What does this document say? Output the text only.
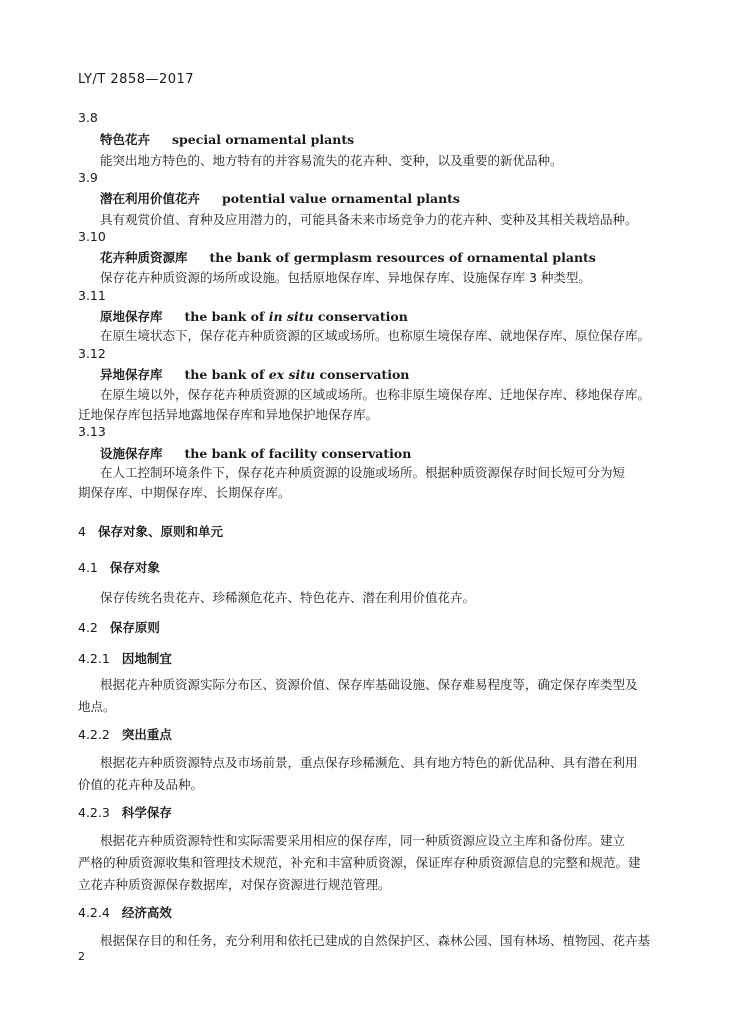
LY/T 2858—2017
3.8
特色花卉 special ornamental plants
能突出地方特色的、地方特有的并容易流失的花卉种、变种，以及重要的新优品种。
3.9
潜在利用价值花卉 potential value ornamental plants
具有观赏价值、育种及应用潜力的，可能具备未来市场竞争力的花卉种、变种及其相关栽培品种。
3.10
花卉种质资源库 the bank of germplasm resources of ornamental plants
保存花卉种质资源的场所或设施。包括原地保存库、异地保存库、设施保存库 3 种类型。
3.11
原地保存库 the bank of in situ conservation
在原生境状态下，保存花卉种质资源的区域或场所。也称原生境保存库、就地保存库、原位保存库。
3.12
异地保存库 the bank of ex situ conservation
在原生境以外，保存花卉种质资源的区域或场所。也称非原生境保存库、迁地保存库、移地保存库。
迁地保存库包括异地露地保存库和异地保护地保存库。
3.13
设施保存库 the bank of facility conservation
在人工控制环境条件下，保存花卉种质资源的设施或场所。根据种质资源保存时间长短可分为短
期保存库、中期保存库、长期保存库。
4 保存对象、原则和单元
4.1 保存对象
保存传统名贵花卉、珍稀濒危花卉、特色花卉、潜在利用价值花卉。
4.2 保存原则
4.2.1 因地制宜
根据花卉种质资源实际分布区、资源价值、保存库基础设施、保存难易程度等，确定保存库类型及
地点。
4.2.2 突出重点
根据花卉种质资源特点及市场前景，重点保存珍稀濒危、具有地方特色的新优品种、具有潜在利用
价值的花卉种及品种。
4.2.3 科学保存
根据花卉种质资源特性和实际需要采用相应的保存库，同一种质资源应设立主库和备份库。建立
严格的种质资源收集和管理技术规范，补充和丰富种质资源，保证库存种质资源信息的完整和规范。建
立花卉种质资源保存数据库，对保存资源进行规范管理。
4.2.4 经济高效
根据保存目的和任务，充分利用和依托已建成的自然保护区、森林公园、国有林场、植物园、花卉基
2
